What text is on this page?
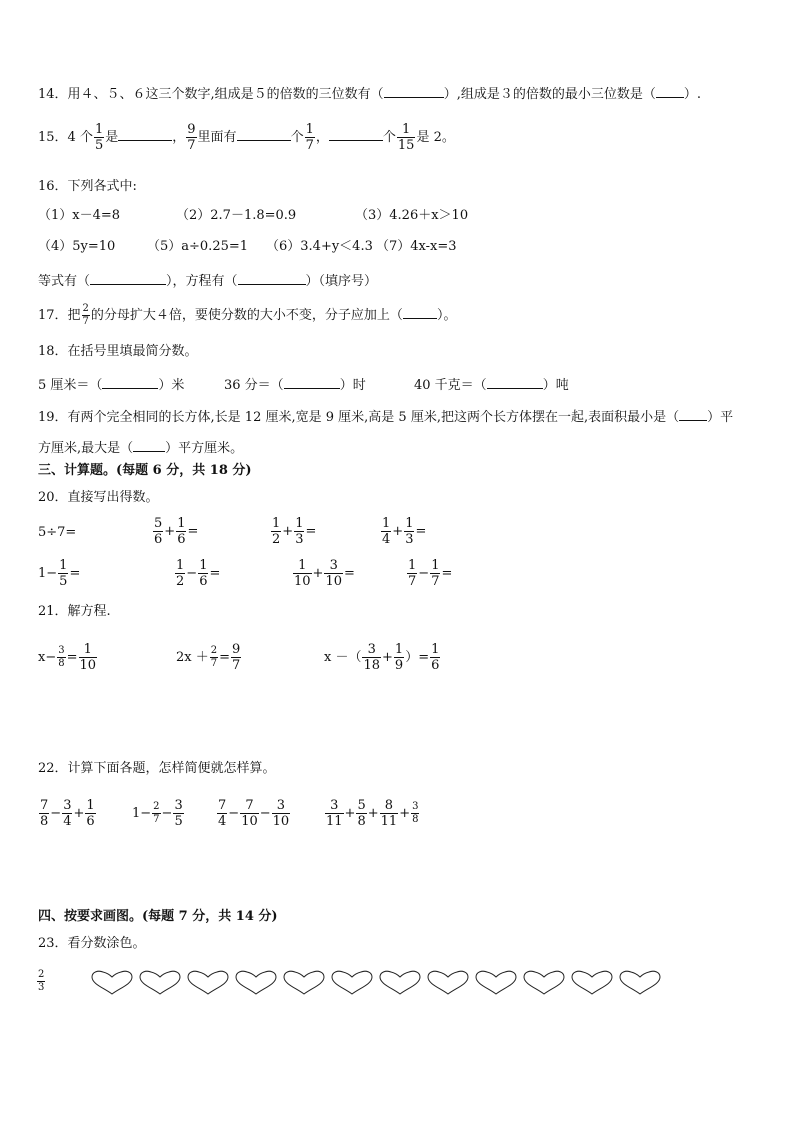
14．用４、５、６这三个数字,组成是５的倍数的三位数有（	）,组成是３的倍数的最小三位数是（ ）.
15．4 个 $\frac{1}{5}$ 是	， $\frac{9}{7}$ 里面有	个 $\frac{1}{7}$ ，	个 $\frac{1}{15}$ 是 2。
16．下列各式中:
（1）x－4=8	（2）2.7－1.8=0.9	（3）4.26＋x＞10
（4）5y=10 （5）a÷0.25=1 （6）3.4+y＜4.3 （7）4x-x=3
等式有（	），方程有（	）（填序号）
17．把 $\frac{2}{7}$ 的分母扩大４倍，要使分数的大小不变，分子应加上（	）。
18．在括号里填最简分数。
5 厘米＝（	）米	36 分＝（	）时	40 千克＝（	）吨
19．有两个完全相同的长方体,长是 12 厘米,宽是 9 厘米,高是 5 厘米,把这两个长方体摆在一起,表面积最小是（ ）平
方厘米,最大是（ ）平方厘米。
三、计算题。(每题 6 分，共 18 分)
20．直接写出得数。
5÷7=	$\frac{5}{6} + \frac{1}{6}$ =	$\frac{1}{2} + \frac{1}{3}$ =	$\frac{1}{4} + \frac{1}{3}$ =
$1- \frac{1}{5}$ =	$\frac{1}{2} - \frac{1}{6}$ =	$\frac{1}{10} + \frac{3}{10}$ =	$\frac{1}{7} - \frac{1}{7}$ =
21．解方程.
$x- \frac{3}{8} = \frac{1}{10}$	$2x + \frac{2}{7} = \frac{9}{7}$	x －（ $\frac{3}{18} + \frac{1}{9}$ ）= $\frac{1}{6}$
22．计算下面各题，怎样简便就怎样算。
$\frac{7}{8} - \frac{3}{4} + \frac{1}{6}$	$1- \frac{2}{7} - \frac{3}{5}$	$\frac{7}{4} - \frac{7}{10} - \frac{3}{10}$	$\frac{3}{11} + \frac{5}{8} + \frac{8}{11} + \frac{3}{8}$
四、按要求画图。(每题 7 分，共 14 分)
23．看分数涂色。
$\frac{2}{3}$
